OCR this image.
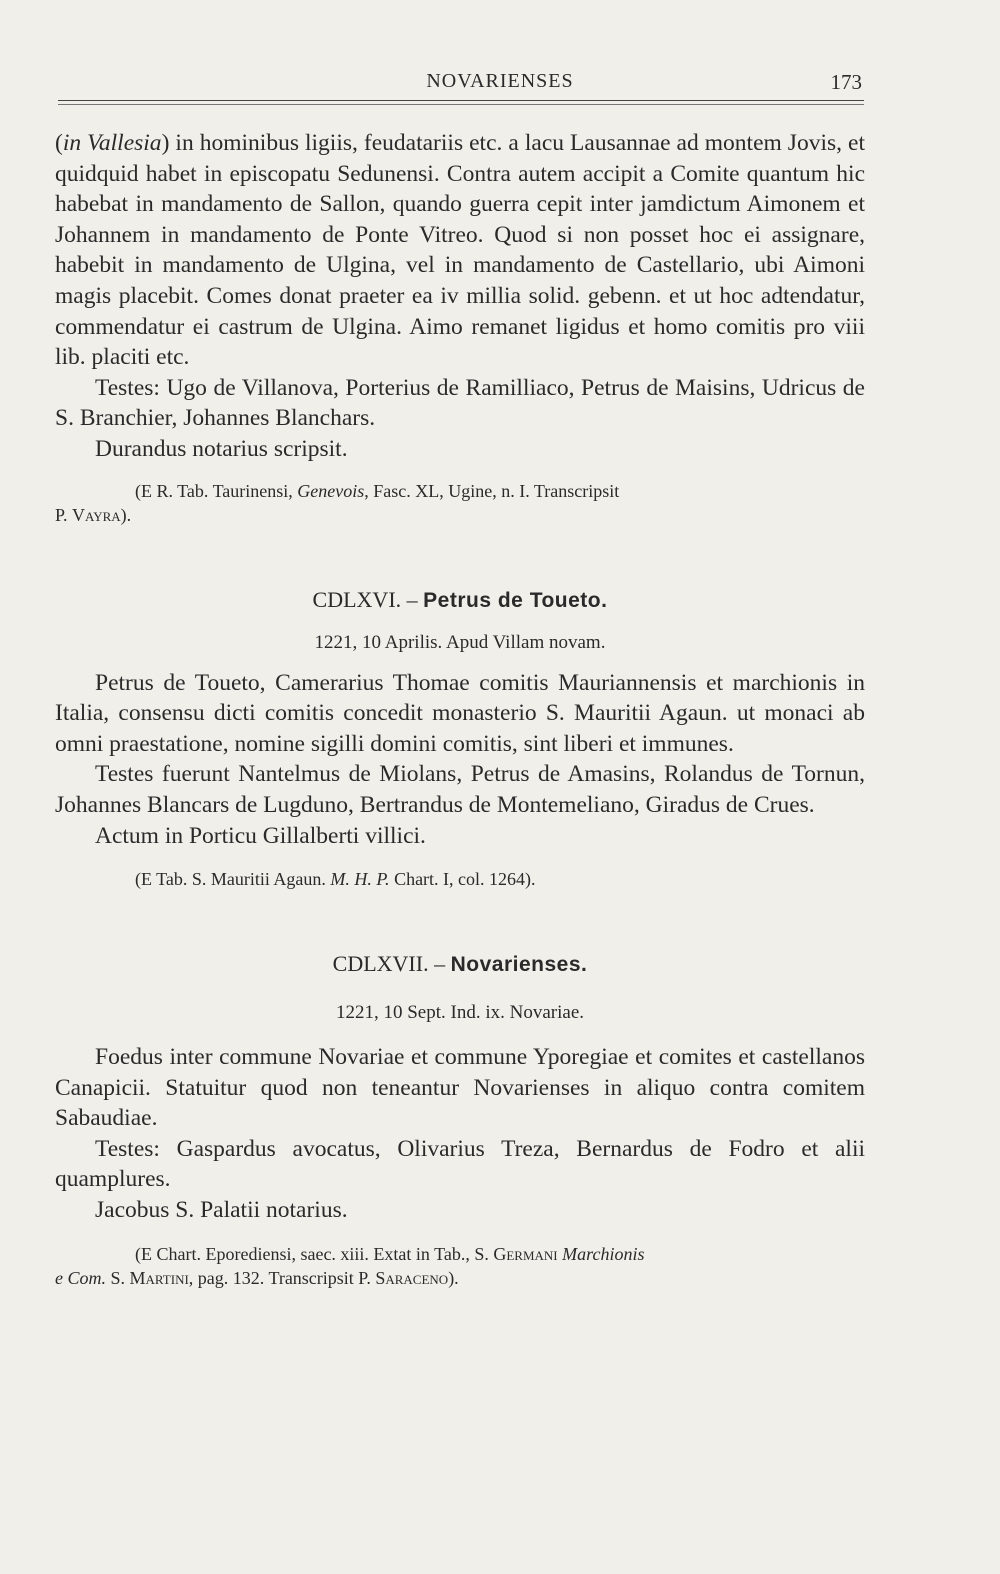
NOVARIENSES	173

(in Vallesia) in hominibus ligiis, feudatariis etc. a lacu Lausannae ad montem Jovis, et quidquid habet in episcopatu Sedunensi. Contra autem accipit a Comite quantum hic habebat in mandamento de Sallon, quando guerra cepit inter jamdictum Aimonem et Johannem in mandamento de Ponte Vitreo. Quod si non posset hoc ei assignare, habebit in mandamento de Ulgina, vel in mandamento de Castellario, ubi Aimoni magis placebit. Comes donat praeter ea iv millia solid. gebenn. et ut hoc adtendatur, commendatur ei castrum de Ulgina. Aimo remanet ligidus et homo comitis pro viii lib. placiti etc.

Testes: Ugo de Villanova, Porterius de Ramilliaco, Petrus de Maisins, Udricus de S. Branchier, Johannes Blanchars.

Durandus notarius scripsit.

(E R. Tab. Taurinensi, Genevois, Fasc. XL, Ugine, n. I. Transcripsit
P. Vayra).

CDLXVI. – Petrus de Toueto.
1221, 10 Aprilis. Apud Villam novam.

Petrus de Toueto, Camerarius Thomae comitis Mauriannensis et marchionis in Italia, consensu dicti comitis concedit monasterio S. Mauritii Agaun. ut monaci ab omni praestatione, nomine sigilli domini comitis, sint liberi et immunes.

Testes fuerunt Nantelmus de Miolans, Petrus de Amasins, Rolandus de Tornun, Johannes Blancars de Lugduno, Bertrandus de Montemeliano, Giradus de Crues.

Actum in Porticu Gillalberti villici.

(E Tab. S. Mauritii Agaun. M. H. P. Chart. I, col. 1264).

CDLXVII. – Novarienses.
1221, 10 Sept. Ind. ix. Novariae.

Foedus inter commune Novariae et commune Yporegiae et comites et castellanos Canapicii. Statuitur quod non teneantur Novarienses in aliquo contra comitem Sabaudiae.

Testes: Gaspardus avocatus, Olivarius Treza, Bernardus de Fodro et alii quamplures.

Jacobus S. Palatii notarius.

(E Chart. Eporediensi, saec. xiii. Extat in Tab., S. Germani Marchionis
e Com. S. Martini, pag. 132. Transcripsit P. Saraceno).
